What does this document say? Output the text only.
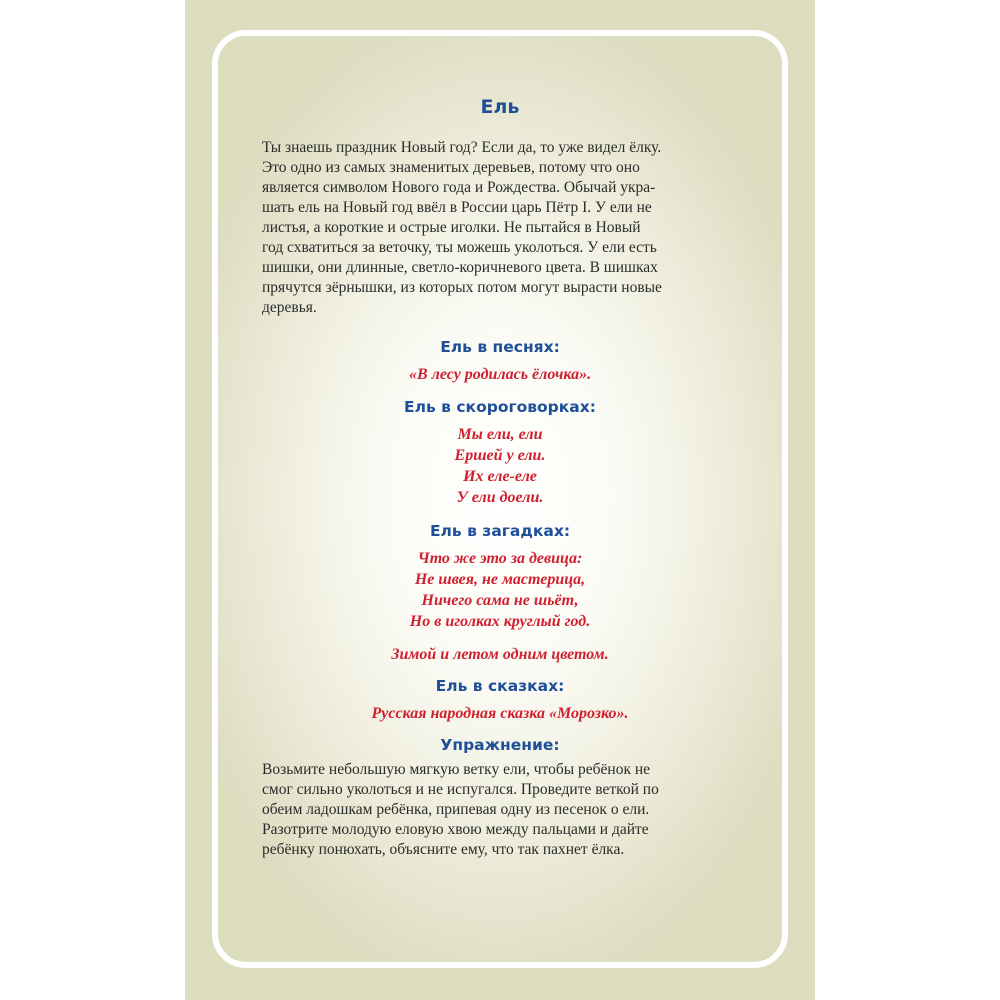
Ель

Ты знаешь праздник Новый год? Если да, то уже видел ёлку.
Это одно из самых знаменитых деревьев, потому что оно
является символом Нового года и Рождества. Обычай укра-
шать ель на Новый год ввёл в России царь Пётр I. У ели не
листья, а короткие и острые иголки. Не пытайся в Новый
год схватиться за веточку, ты можешь уколоться. У ели есть
шишки, они длинные, светло-коричневого цвета. В шишках
прячутся зёрнышки, из которых потом могут вырасти новые
деревья.

Ель в песнях:
«В лесу родилась ёлочка».
Ель в скороговорках:
Мы ели, ели
Ершей у ели.
Их еле-еле
У ели доели.
Ель в загадках:
Что же это за девица:
Не швея, не мастерица,
Ничего сама не шьёт,
Но в иголках круглый год.
Зимой и летом одним цветом.
Ель в сказках:
Русская народная сказка «Морозко».
Упражнение:

Возьмите небольшую мягкую ветку ели, чтобы ребёнок не
смог сильно уколоться и не испугался. Проведите веткой по
обеим ладошкам ребёнка, припевая одну из песенок о ели.
Разотрите молодую еловую хвою между пальцами и дайте
ребёнку понюхать, объясните ему, что так пахнет ёлка.
